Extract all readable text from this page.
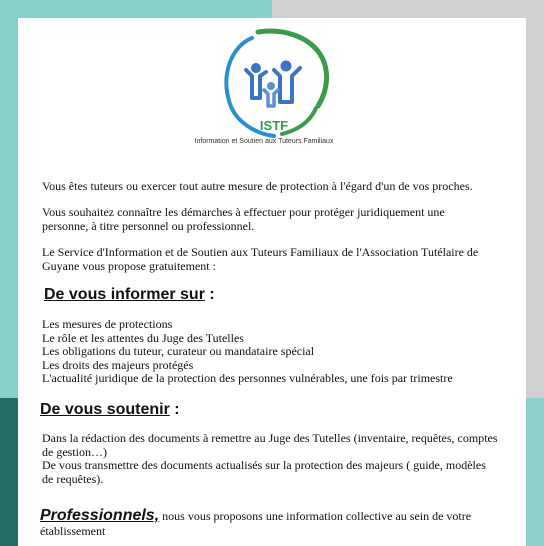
ISTF
Information et Soutien aux Tuteurs Familiaux

Vous êtes tuteurs ou exercer tout autre mesure de protection à l'égard d'un de vos proches.

Vous souhaitez connaître les démarches à effectuer pour protéger juridiquement une personne, à titre personnel ou professionnel.

Le Service d'Information et de Soutien aux Tuteurs Familiaux de l'Association Tutélaire de Guyane vous propose gratuitement :

De vous informer sur :
Les mesures de protections
Le rôle et les attentes du Juge des Tutelles
Les obligations du tuteur, curateur ou mandataire spécial
Les droits des majeurs protégés
L'actualité juridique de la protection des personnes vulnérables, une fois par trimestre
De vous soutenir :
Dans la rédaction des documents à remettre au Juge des Tutelles (inventaire, requêtes, comptes de gestion…)
De vous transmettre des documents actualisés sur la protection des majeurs ( guide, modèles de requêtes).
Professionnels, nous vous proposons une information collective au sein de votre établissement
